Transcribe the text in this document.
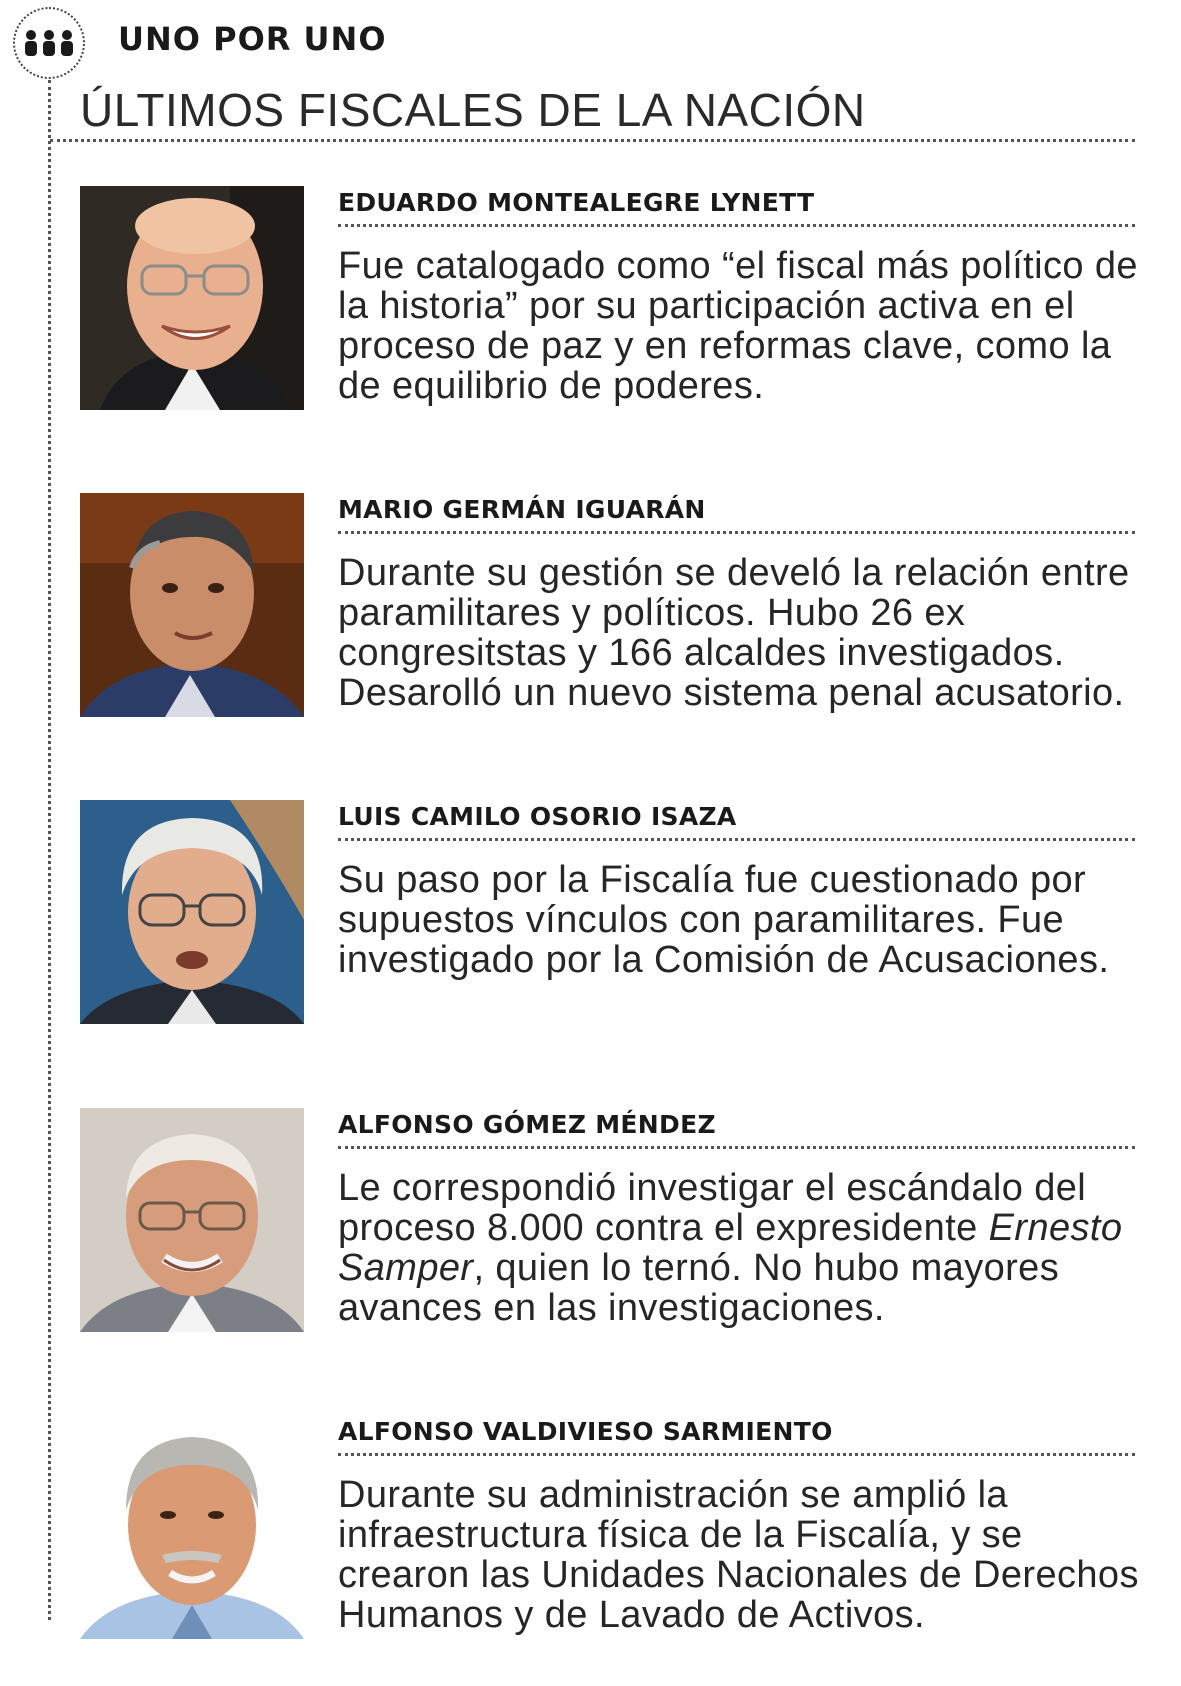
UNO POR UNO
ÚLTIMOS FISCALES DE LA NACIÓN
EDUARDO MONTEALEGRE LYNETT

Fue catalogado como “el fiscal más político de la historia” por su participación activa en el proceso de paz y en reformas clave, como la de equilibrio de poderes.

MARIO GERMÁN IGUARÁN

Durante su gestión se develó la relación entre paramilitares y políticos. Hubo 26 ex congresitstas y 166 alcaldes investigados. Desarolló un nuevo sistema penal acusatorio.

LUIS CAMILO OSORIO ISAZA

Su paso por la Fiscalía fue cuestionado por supuestos vínculos con paramilitares. Fue investigado por la Comisión de Acusaciones.

ALFONSO GÓMEZ MÉNDEZ

Le correspondió investigar el escándalo del proceso 8.000 contra el expresidente Ernesto Samper, quien lo ternó. No hubo mayores avances en las investigaciones.

ALFONSO VALDIVIESO SARMIENTO

Durante su administración se amplió la infraestructura física de la Fiscalía, y se crearon las Unidades Nacionales de Derechos Humanos y de Lavado de Activos.
